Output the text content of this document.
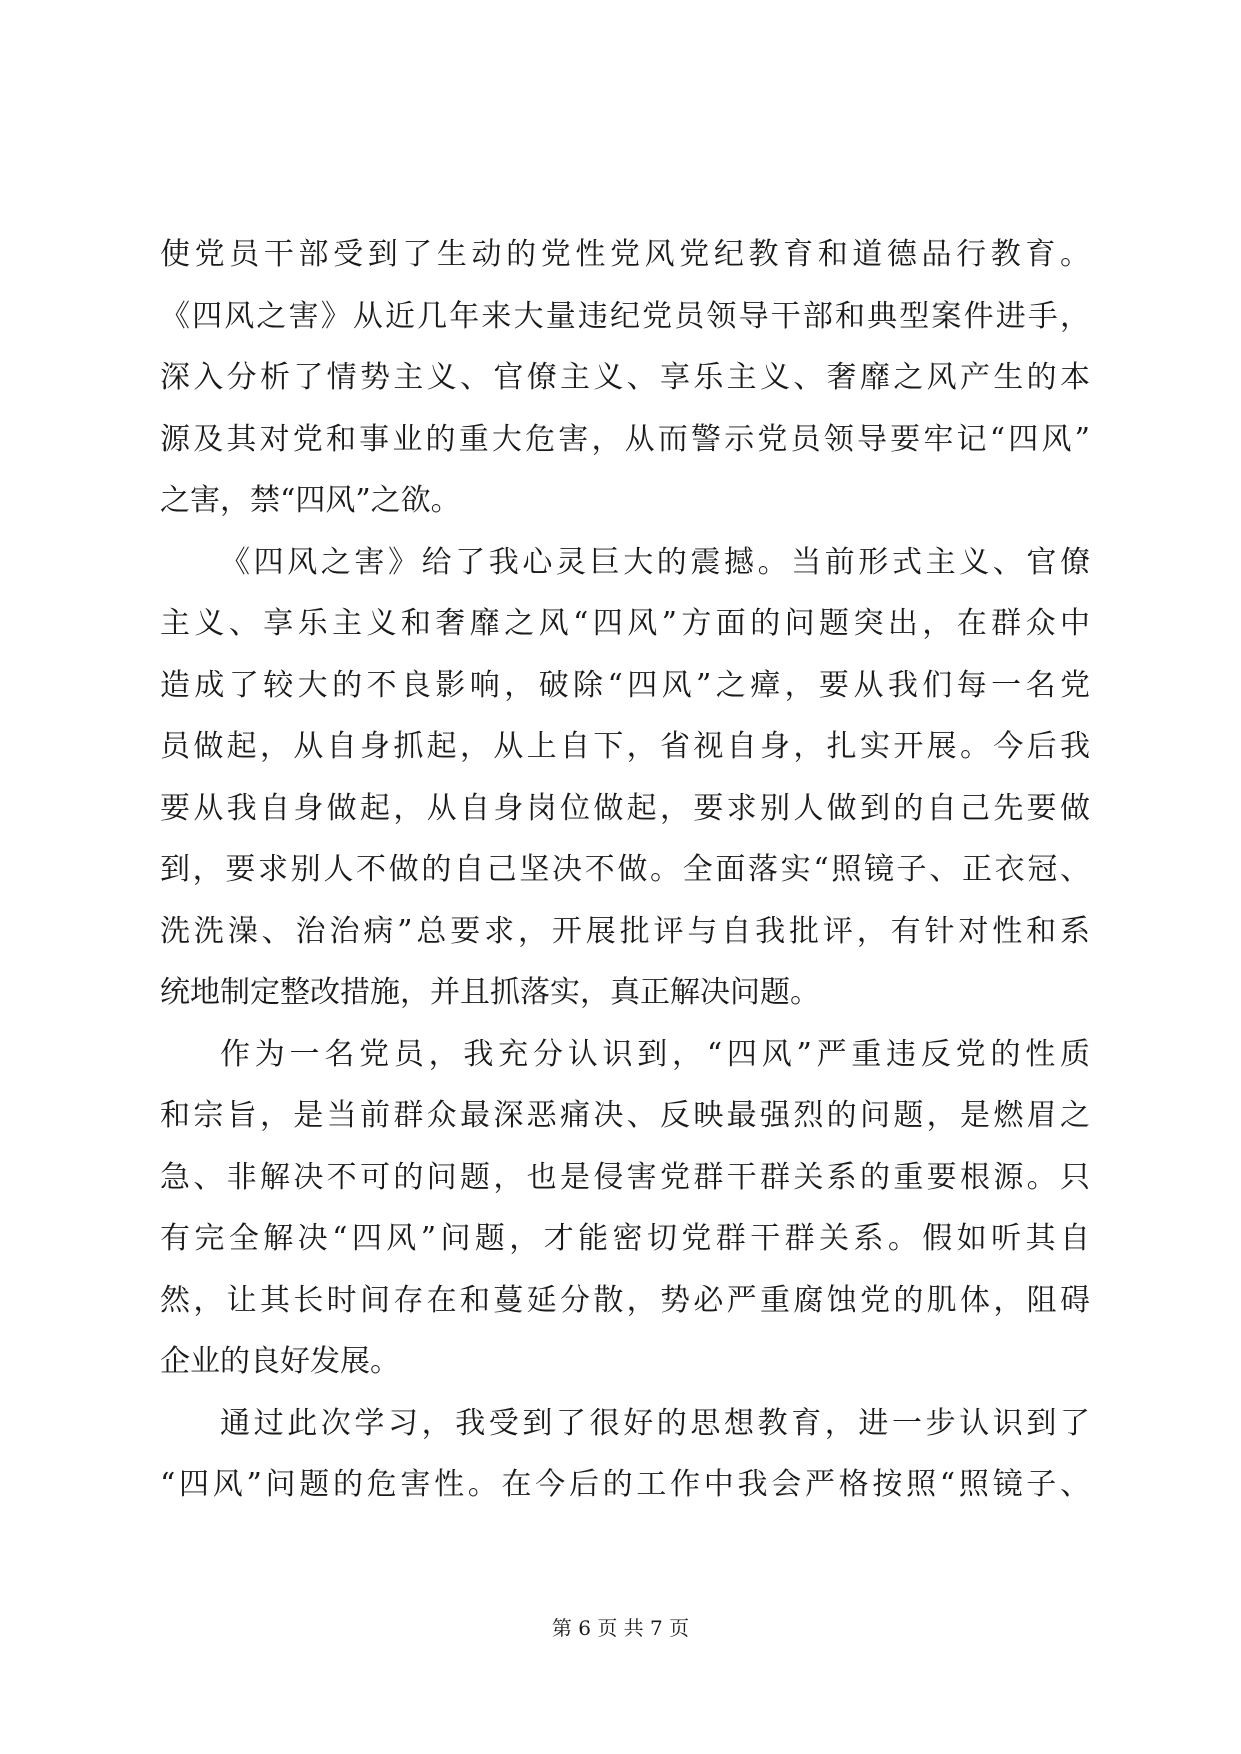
使党员干部受到了生动的党性党风党纪教育和道德品行教育。
《四风之害》从近几年来大量违纪党员领导干部和典型案件进手，
深入分析了情势主义、官僚主义、享乐主义、奢靡之风产生的本
源及其对党和事业的重大危害，从而警示党员领导要牢记“四风”
之害，禁“四风”之欲。
《四风之害》给了我心灵巨大的震撼。当前形式主义、官僚
主义、享乐主义和奢靡之风“四风”方面的问题突出，在群众中
造成了较大的不良影响，破除“四风”之瘴，要从我们每一名党
员做起，从自身抓起，从上自下，省视自身，扎实开展。今后我
要从我自身做起，从自身岗位做起，要求别人做到的自己先要做
到，要求别人不做的自己坚决不做。全面落实“照镜子、正衣冠、
洗洗澡、治治病”总要求，开展批评与自我批评，有针对性和系
统地制定整改措施，并且抓落实，真正解决问题。
作为一名党员，我充分认识到，“四风”严重违反党的性质
和宗旨，是当前群众最深恶痛决、反映最强烈的问题，是燃眉之
急、非解决不可的问题，也是侵害党群干群关系的重要根源。只
有完全解决“四风”问题，才能密切党群干群关系。假如听其自
然，让其长时间存在和蔓延分散，势必严重腐蚀党的肌体，阻碍
企业的良好发展。
通过此次学习，我受到了很好的思想教育，进一步认识到了
“四风”问题的危害性。在今后的工作中我会严格按照“照镜子、
第 6 页 共 7 页
